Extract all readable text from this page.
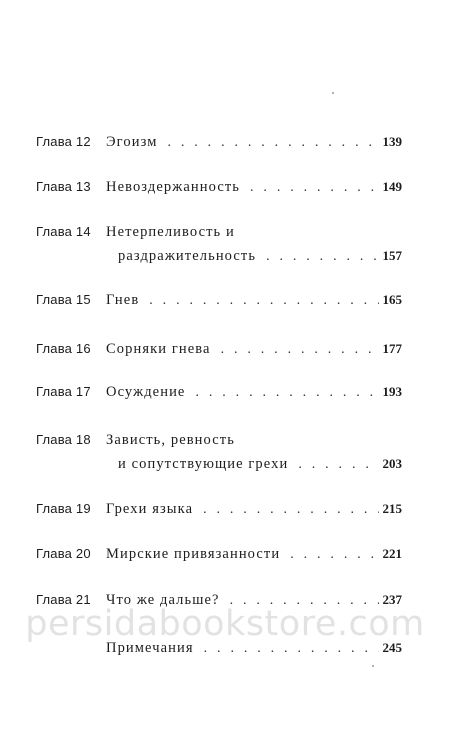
Глава 12	Эгоизм . . .	139
Глава 13	Невоздержанность . . .	149
Глава 14	Нетерпеливость и
раздражительность . . .	157
Глава 15	Гнев . . .	165
Глава 16	Сорняки гнева . . .	177
Глава 17	Осуждение . . .	193
Глава 18	Зависть, ревность
и сопутствующие грехи . . .	203
Глава 19	Грехи языка . . .	215
Глава 20	Мирские привязанности . . .	221
Глава 21	Что же дальше? . . .	237
Примечания . . .	245
persidabookstore.com
